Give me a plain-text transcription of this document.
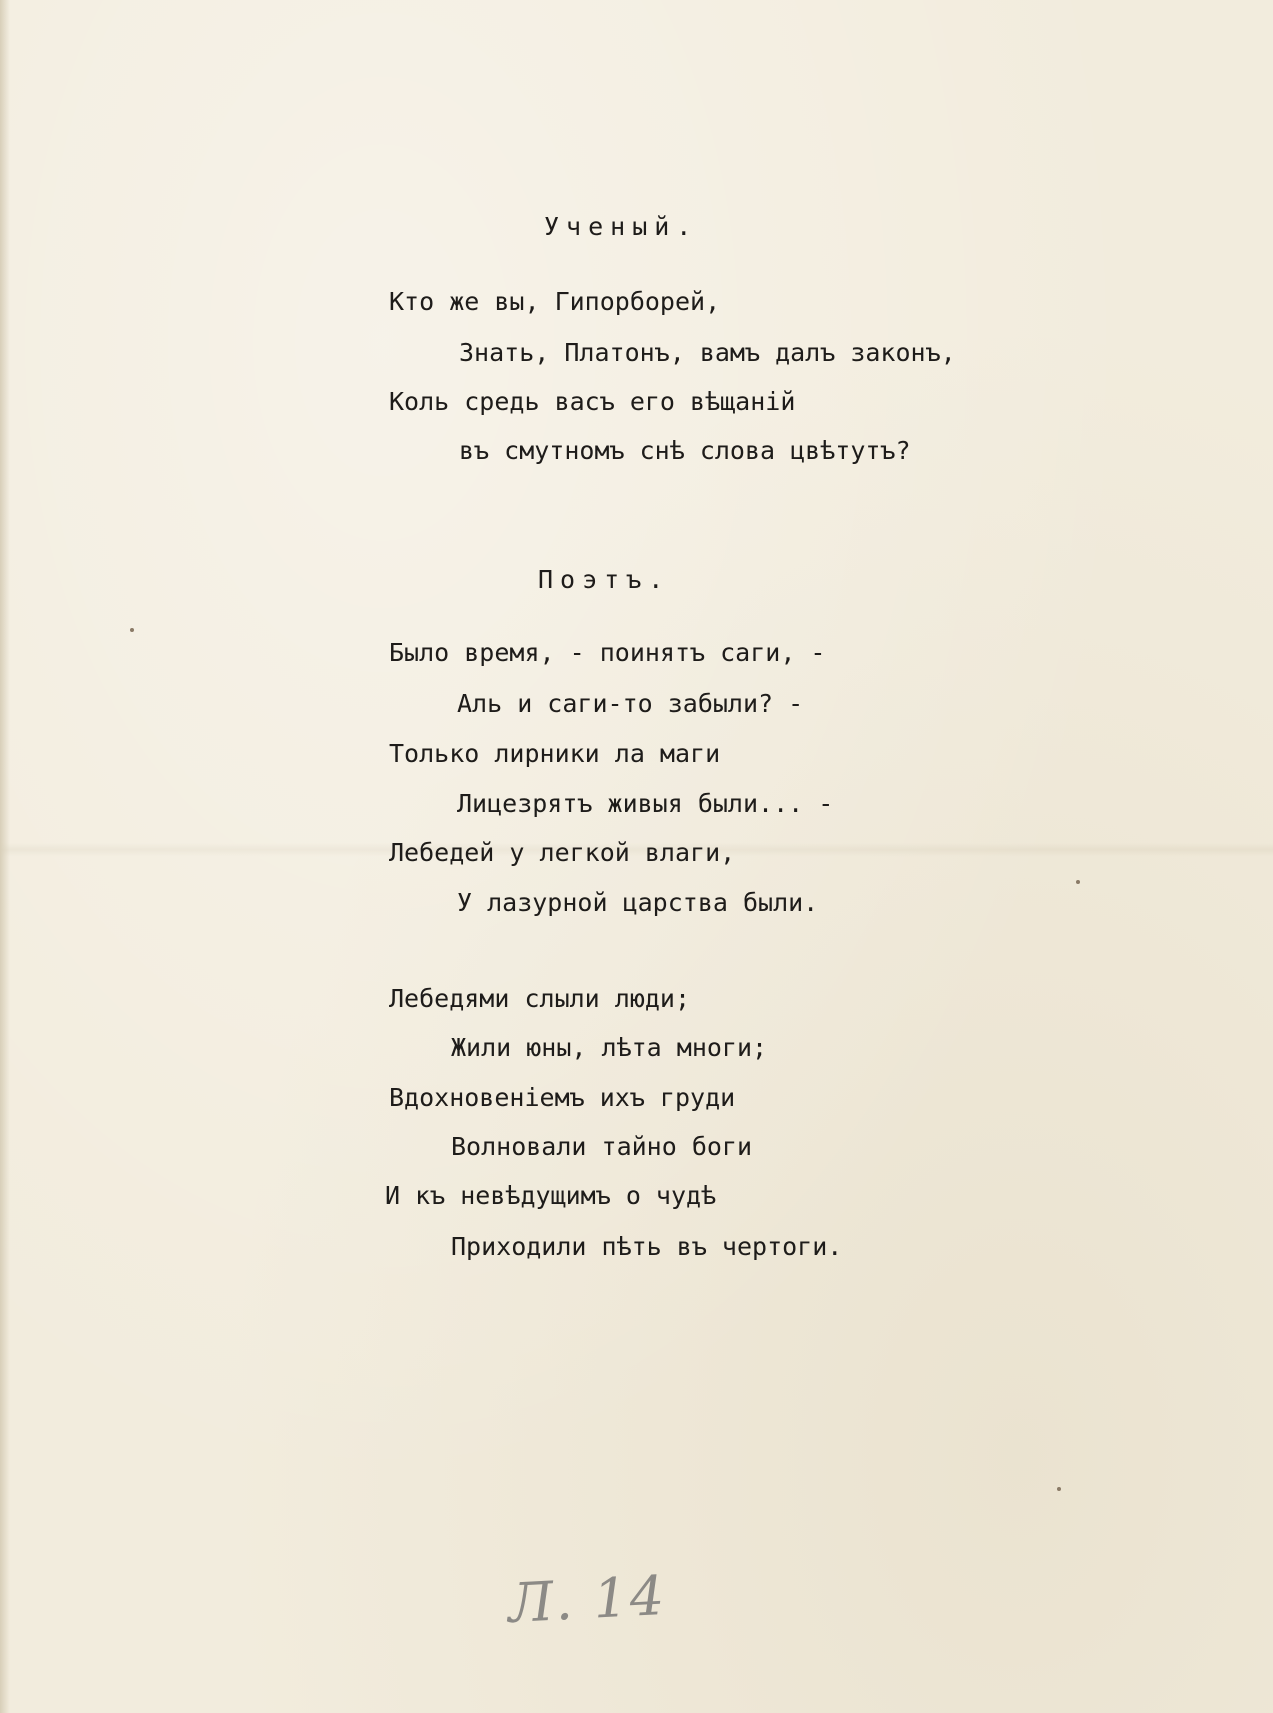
Ученый.
Кто же вы, Гипорборей,
Знать, Платонъ, вамъ далъ законъ,
Коль средь васъ его вѣщаній
въ смутномъ снѣ слова цвѣтутъ?
Поэтъ.
Было время, - поинятъ саги, -
Аль и саги-то забыли? -
Только лирники ла маги
Лицезрятъ живыя были... -
Лебедей у легкой влаги,
У лазурной царства были.
Лебедями слыли люди;
Жили юны, лѣта многи;
Вдохновеніемъ ихъ груди
Волновали тайно боги
И къ невѣдущимъ о чудѣ
Приходили пѣть въ чертоги.
Л. 14
